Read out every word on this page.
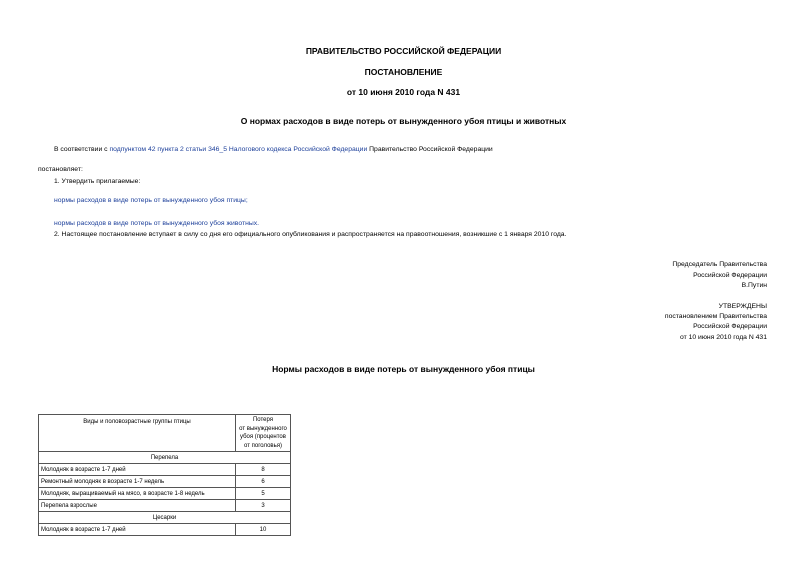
ПРАВИТЕЛЬСТВО РОССИЙСКОЙ ФЕДЕРАЦИИ
ПОСТАНОВЛЕНИЕ
от 10 июня 2010 года N 431
О нормах расходов в виде потерь от вынужденного убоя птицы и животных
В соответствии с подпунктом 42 пункта 2 статьи 346_5 Налогового кодекса Российской Федерации Правительство Российской Федерации
постановляет:
1. Утвердить прилагаемые:
нормы расходов в виде потерь от вынужденного убоя птицы;
нормы расходов в виде потерь от вынужденного убоя животных.
2. Настоящее постановление вступает в силу со дня его официального опубликования и распространяется на правоотношения, возникшие с 1 января 2010 года.
Председатель Правительства
Российской Федерации
В.Путин
УТВЕРЖДЕНЫ
постановлением Правительства
Российской Федерации
от 10 июня 2010 года N 431
Нормы расходов в виде потерь от вынужденного убоя птицы
Виды и половозрастные группы птицы	Потеря
от вынужденного
убоя (процентов
от поголовья)

Перепела	
Молодняк в возрасте 1-7 дней	8
Ремонтный молодняк в возрасте 1-7 недель	6
Молодняк, выращиваемый на мясо, в возрасте 1-8 недель	5
Перепела взрослые	3
Цесарки	
Молодняк в возрасте 1-7 дней	10
